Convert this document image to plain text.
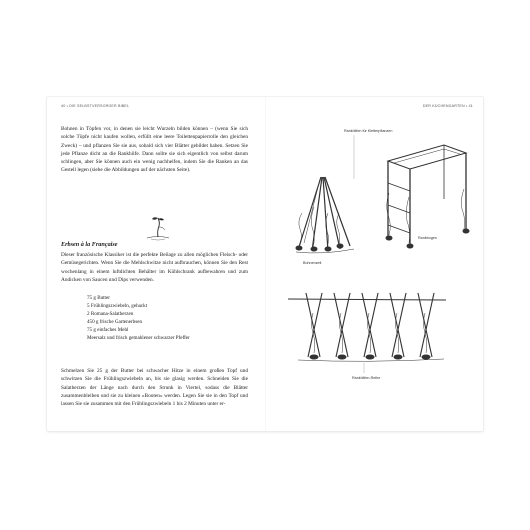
40 • DIE SELBSTVERSORGER BIBEL

Bohnen in Töpfen vor, in denen sie leicht Wurzeln bilden können – (wenn Sie sich solche Töpfe nicht kaufen wollen, erfüllt eine leere Toilettenpapierrolle den gleichen Zweck) – und pflanzen Sie sie aus, sobald sich vier Blätter gebildet haben. Setzen Sie jede Pflanze dicht an die Rankhilfe. Dann sollte sie sich eigentlich von selbst darum schlingen, aber Sie können auch ein wenig nachhelfen, indem Sie die Ranken an das Gestell legen (siehe die Abbildungen auf der nächsten Seite).

Erbsen à la Française

Dieser französische Klassiker ist die perfekte Beilage zu allen möglichen Fleisch- oder Gemüsegerichten. Wenn Sie die Mehlschwitze nicht aufbrauchen, können Sie den Rest wochenlang in einem luftdichten Behälter im Kühlschrank aufbewahren und zum Andicken von Saucen und Dips verwenden.

75 g Butter
5 Frühlingszwiebeln, gehackt
2 Romana-Salatherzen
450 g frische Gartenerbsen
75 g einfaches Mehl
Meersalz und frisch gemahlener schwarzer Pfeffer

Schmelzen Sie 25 g der Butter bei schwacher Hitze in einem großen Topf und schwitzen Sie die Frühlingszwiebeln an, bis sie glasig werden. Schneiden Sie die Salatherzen der Länge nach durch den Strunk in Viertel, sodass die Blätter zusammenbleiben und sie zu kleinen »Booten« werden. Legen Sie sie in den Topf und lassen Sie sie zusammen mit den Frühlingszwiebeln 1 bis 2 Minuten unter er-

DER KÜCHENGARTEN • 41
Rankhilfen für Kletterpflanzen
Bohnenzelt
Rankbogen
Rankhilfen-Reihe
